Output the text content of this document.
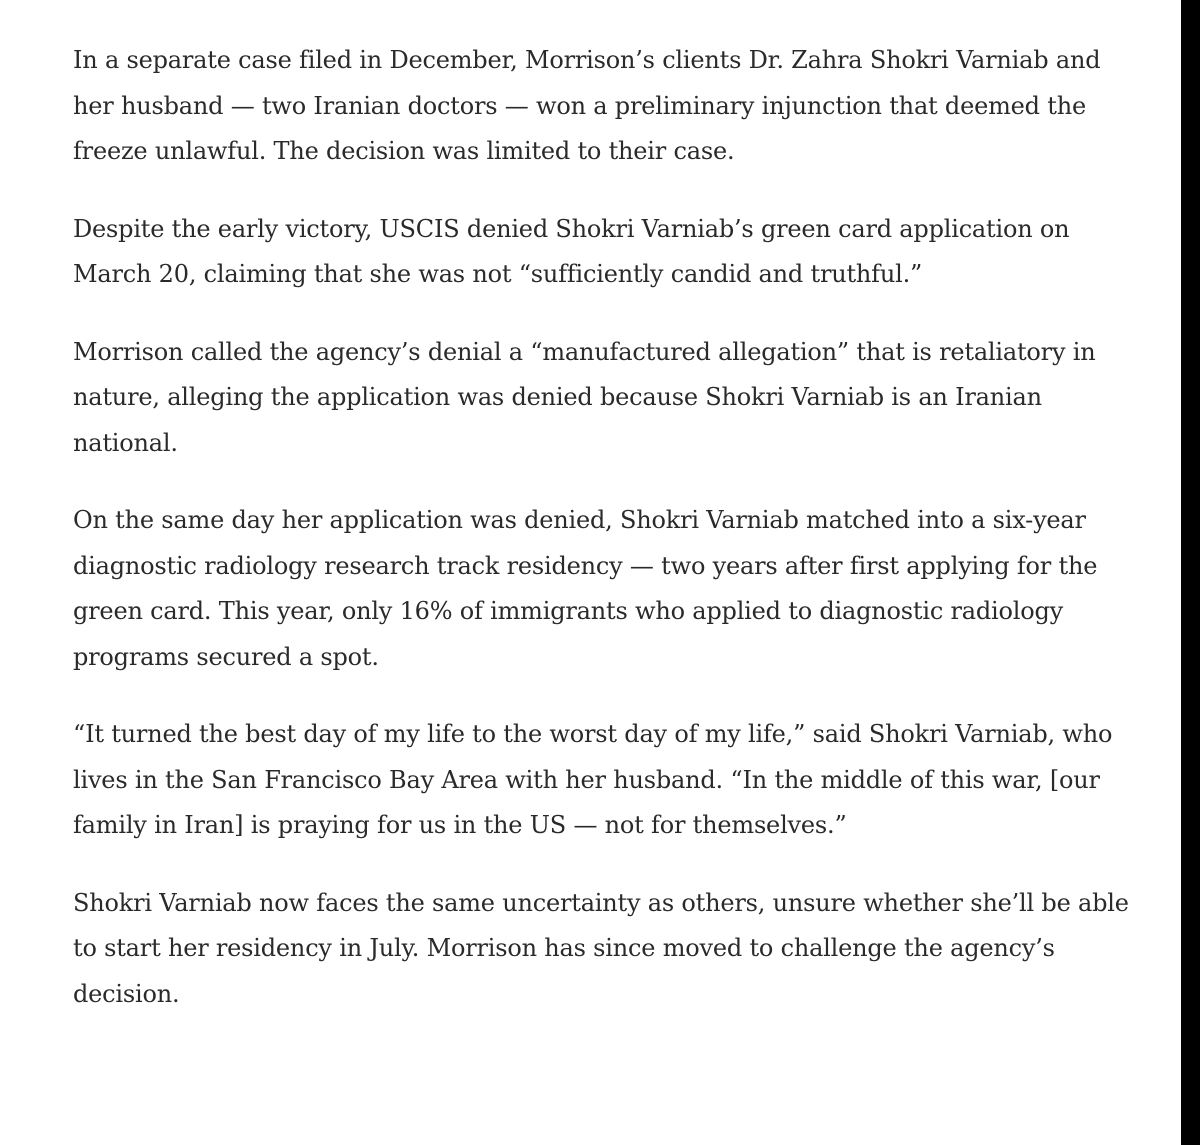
In a separate case filed in December, Morrison’s clients Dr. Zahra Shokri Varniab and
her husband — two Iranian doctors — won a preliminary injunction that deemed the
freeze unlawful. The decision was limited to their case.

Despite the early victory, USCIS denied Shokri Varniab’s green card application on
March 20, claiming that she was not “sufficiently candid and truthful.”

Morrison called the agency’s denial a “manufactured allegation” that is retaliatory in
nature, alleging the application was denied because Shokri Varniab is an Iranian
national.

On the same day her application was denied, Shokri Varniab matched into a six-year
diagnostic radiology research track residency — two years after first applying for the
green card. This year, only 16% of immigrants who applied to diagnostic radiology
programs secured a spot.

“It turned the best day of my life to the worst day of my life,” said Shokri Varniab, who
lives in the San Francisco Bay Area with her husband. “In the middle of this war, [our
family in Iran] is praying for us in the US — not for themselves.”

Shokri Varniab now faces the same uncertainty as others, unsure whether she’ll be able
to start her residency in July. Morrison has since moved to challenge the agency’s
decision.
